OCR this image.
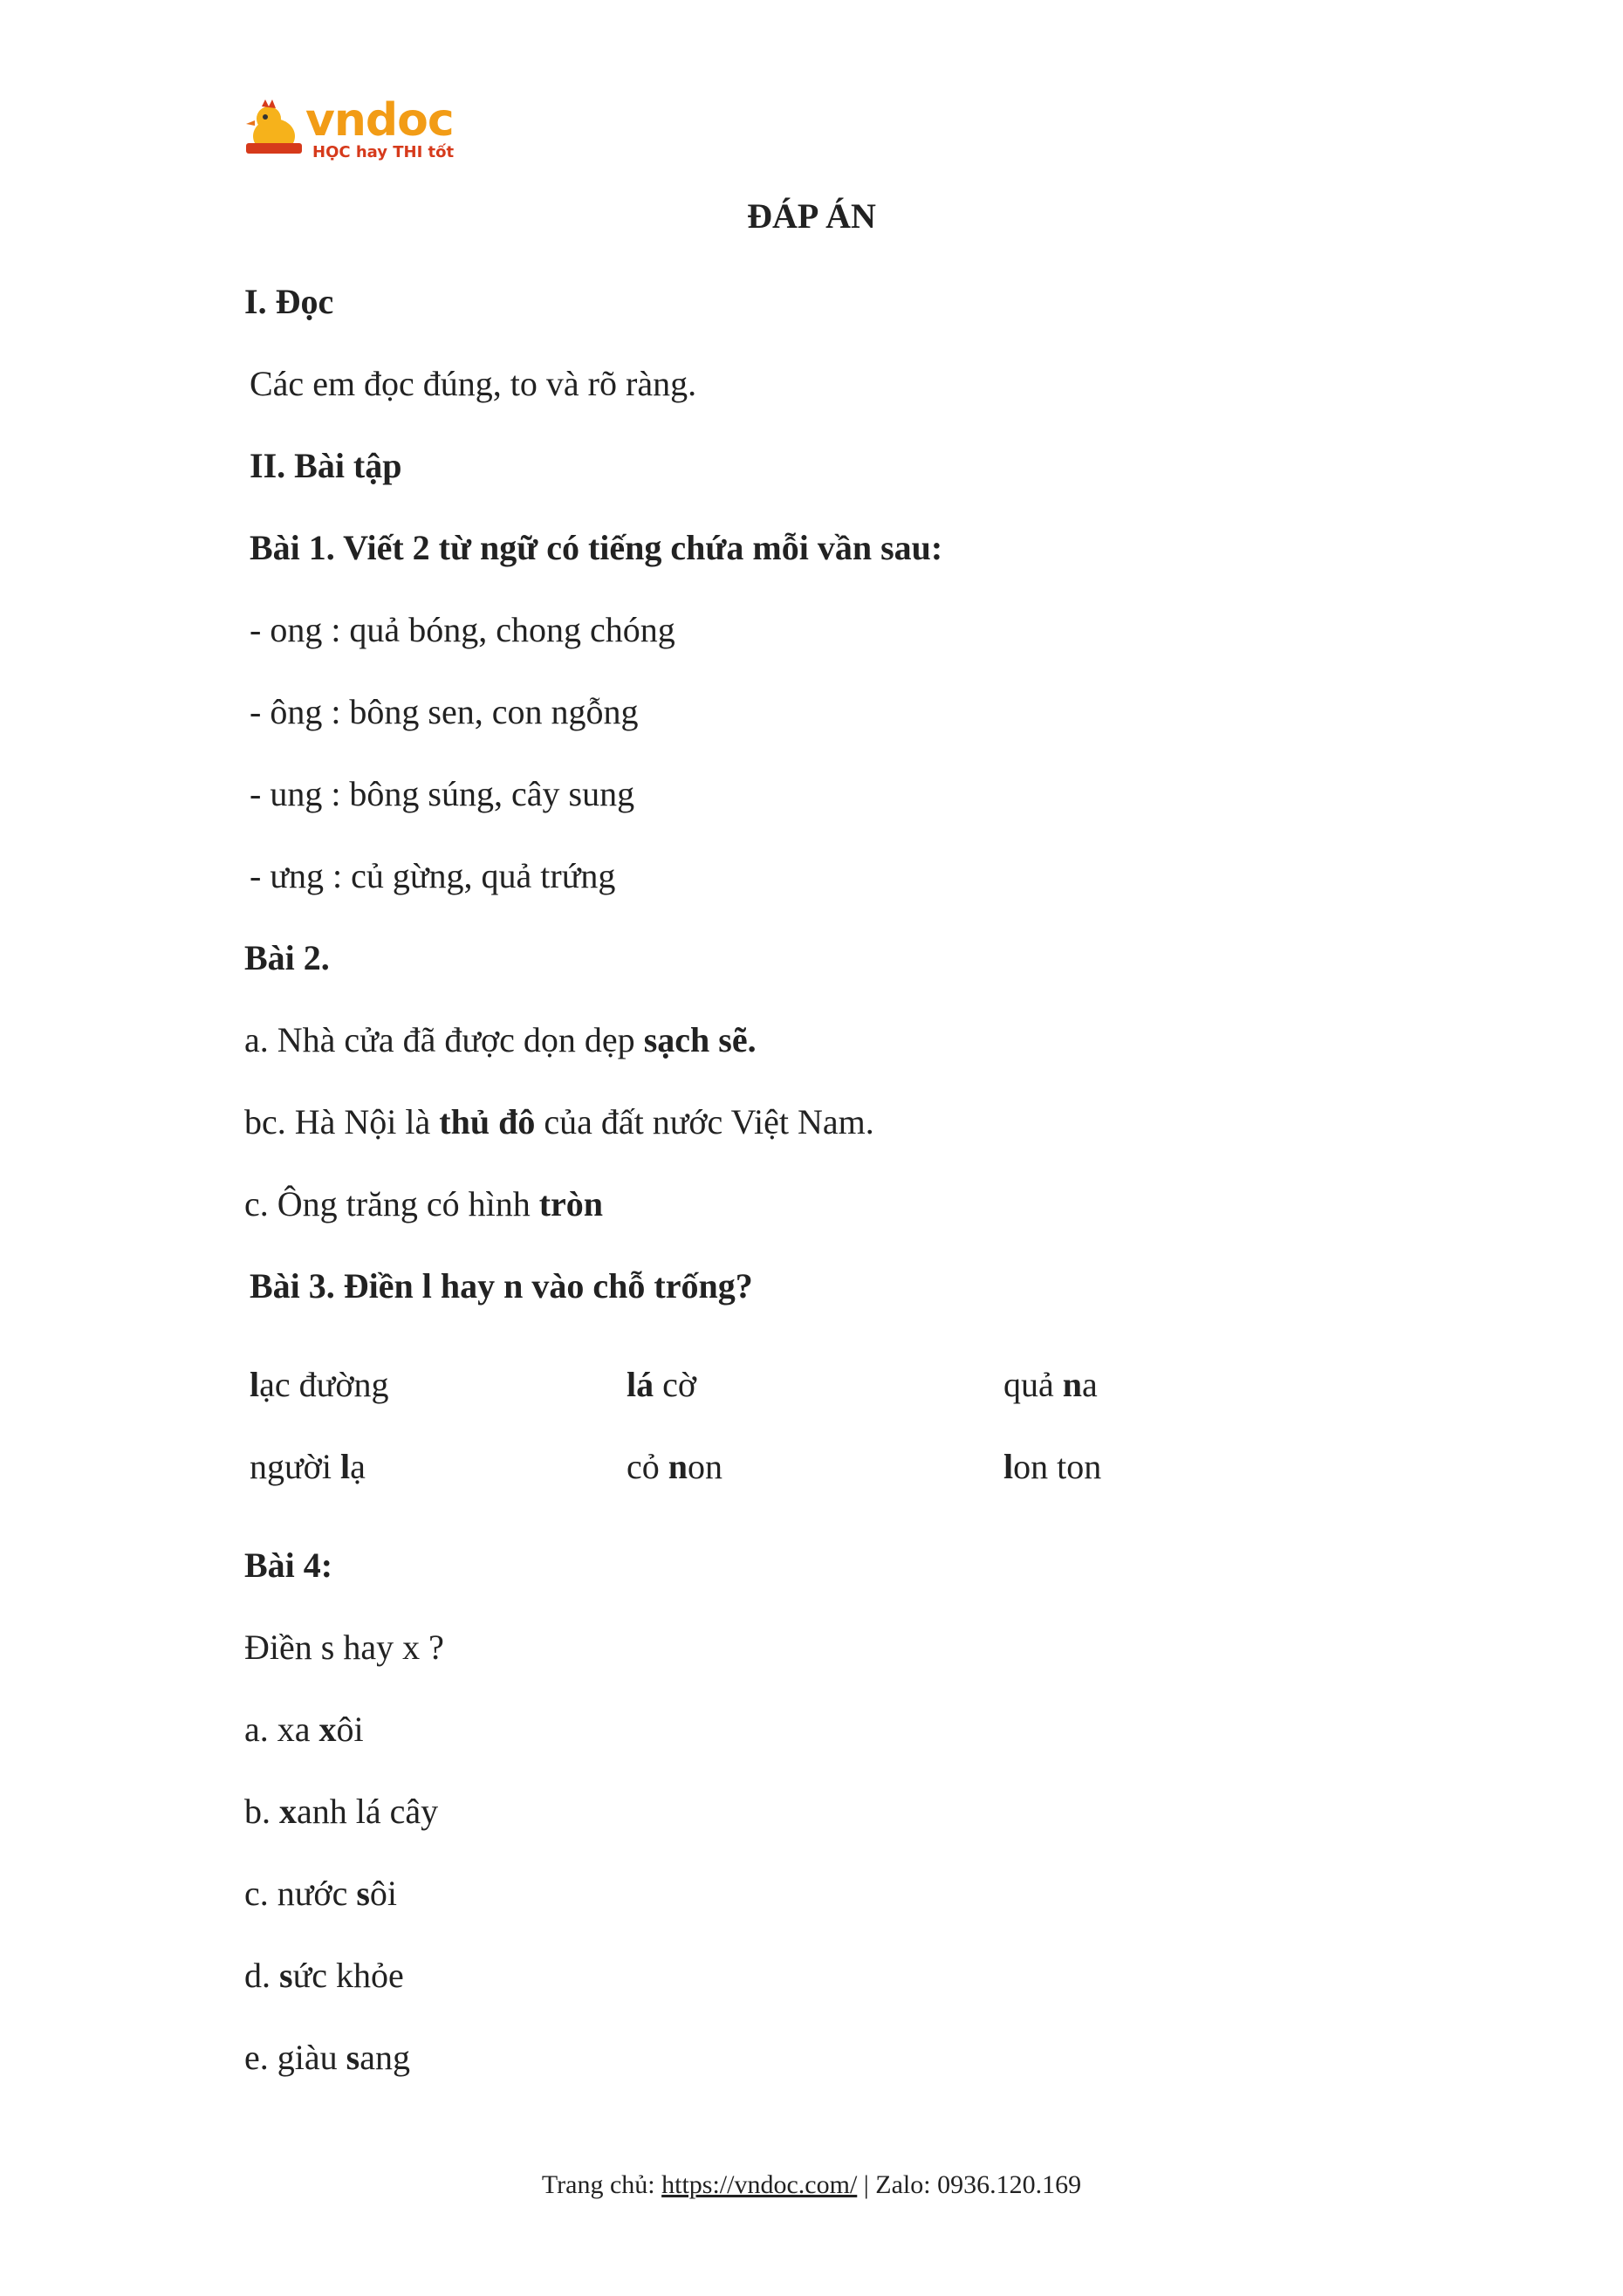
vndoc
HỌC hay THI tốt
ĐÁP ÁN
I. Đọc
Các em đọc đúng, to và rõ ràng.
II. Bài tập
Bài 1. Viết 2 từ ngữ có tiếng chứa mỗi vần sau:
- ong : quả bóng, chong chóng
- ông : bông sen, con ngỗng
- ung : bông súng, cây sung
- ưng : củ gừng, quả trứng
Bài 2.
a. Nhà cửa đã được dọn dẹp sạch sẽ.
bc. Hà Nội là thủ đô của đất nước Việt Nam.
c. Ông trăng có hình tròn
Bài 3. Điền l hay n vào chỗ trống?
lạc đường	lá cờ	quả na
người lạ	cỏ non	lon ton
Bài 4:
Điền s hay x ?
a. xa xôi
b. xanh lá cây
c. nước sôi
d. sức khỏe
e. giàu sang
Trang chủ: https://vndoc.com/ | Zalo: 0936.120.169
